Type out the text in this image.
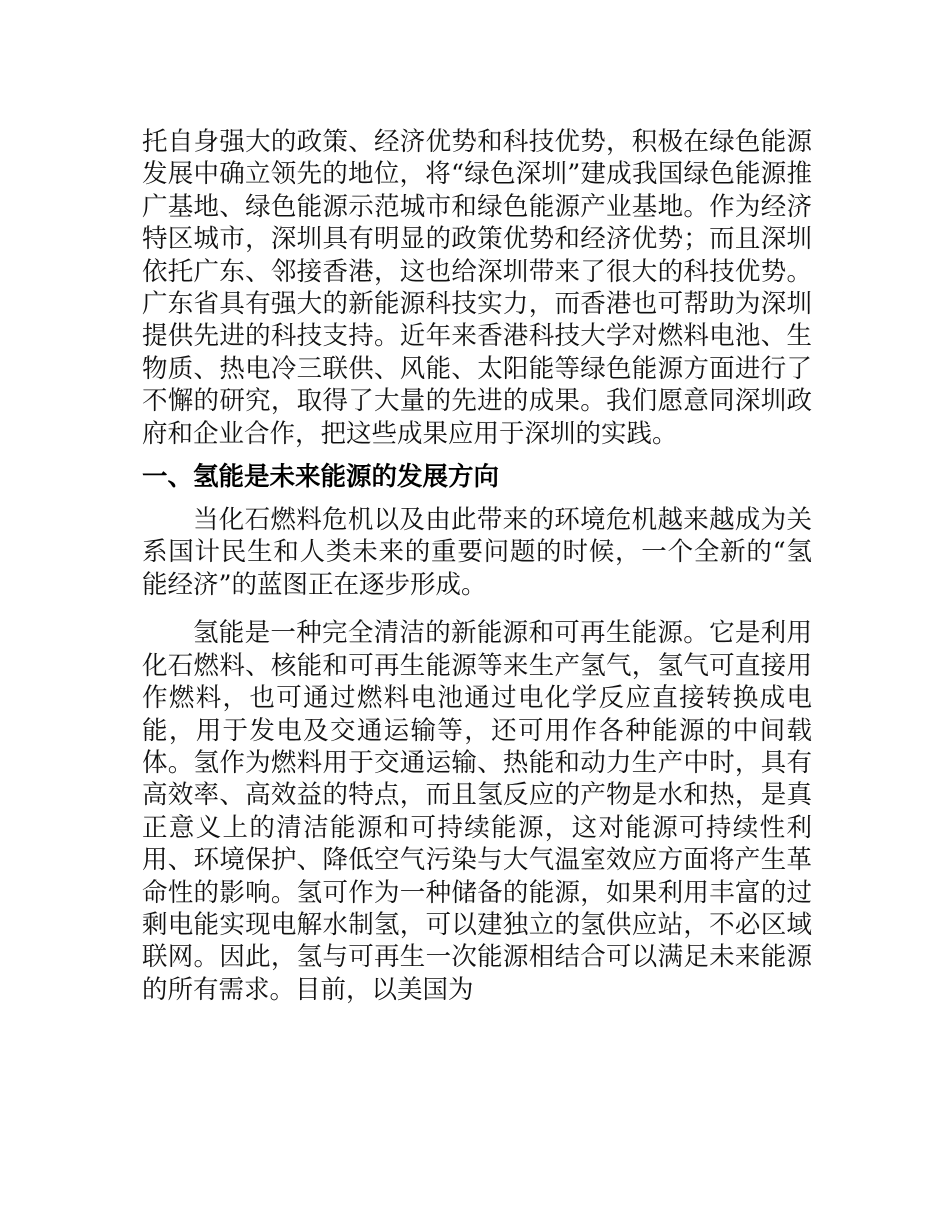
托自身强大的政策、经济优势和科技优势，积极在绿色能源发展中确立领先的地位，将“绿色深圳”建成我国绿色能源推广基地、绿色能源示范城市和绿色能源产业基地。作为经济特区城市，深圳具有明显的政策优势和经济优势；而且深圳依托广东、邻接香港，这也给深圳带来了很大的科技优势。广东省具有强大的新能源科技实力，而香港也可帮助为深圳提供先进的科技支持。近年来香港科技大学对燃料电池、生物质、热电冷三联供、风能、太阳能等绿色能源方面进行了不懈的研究，取得了大量的先进的成果。我们愿意同深圳政府和企业合作，把这些成果应用于深圳的实践。

一、氢能是未来能源的发展方向

当化石燃料危机以及由此带来的环境危机越来越成为关系国计民生和人类未来的重要问题的时候，一个全新的“氢能经济”的蓝图正在逐步形成。

氢能是一种完全清洁的新能源和可再生能源。它是利用化石燃料、核能和可再生能源等来生产氢气，氢气可直接用作燃料，也可通过燃料电池通过电化学反应直接转换成电能，用于发电及交通运输等，还可用作各种能源的中间载体。氢作为燃料用于交通运输、热能和动力生产中时，具有高效率、高效益的特点，而且氢反应的产物是水和热，是真正意义上的清洁能源和可持续能源，这对能源可持续性利用、环境保护、降低空气污染与大气温室效应方面将产生革命性的影响。氢可作为一种储备的能源，如果利用丰富的过剩电能实现电解水制氢，可以建独立的氢供应站，不必区域联网。因此，氢与可再生一次能源相结合可以满足未来能源的所有需求。目前，以美国为
